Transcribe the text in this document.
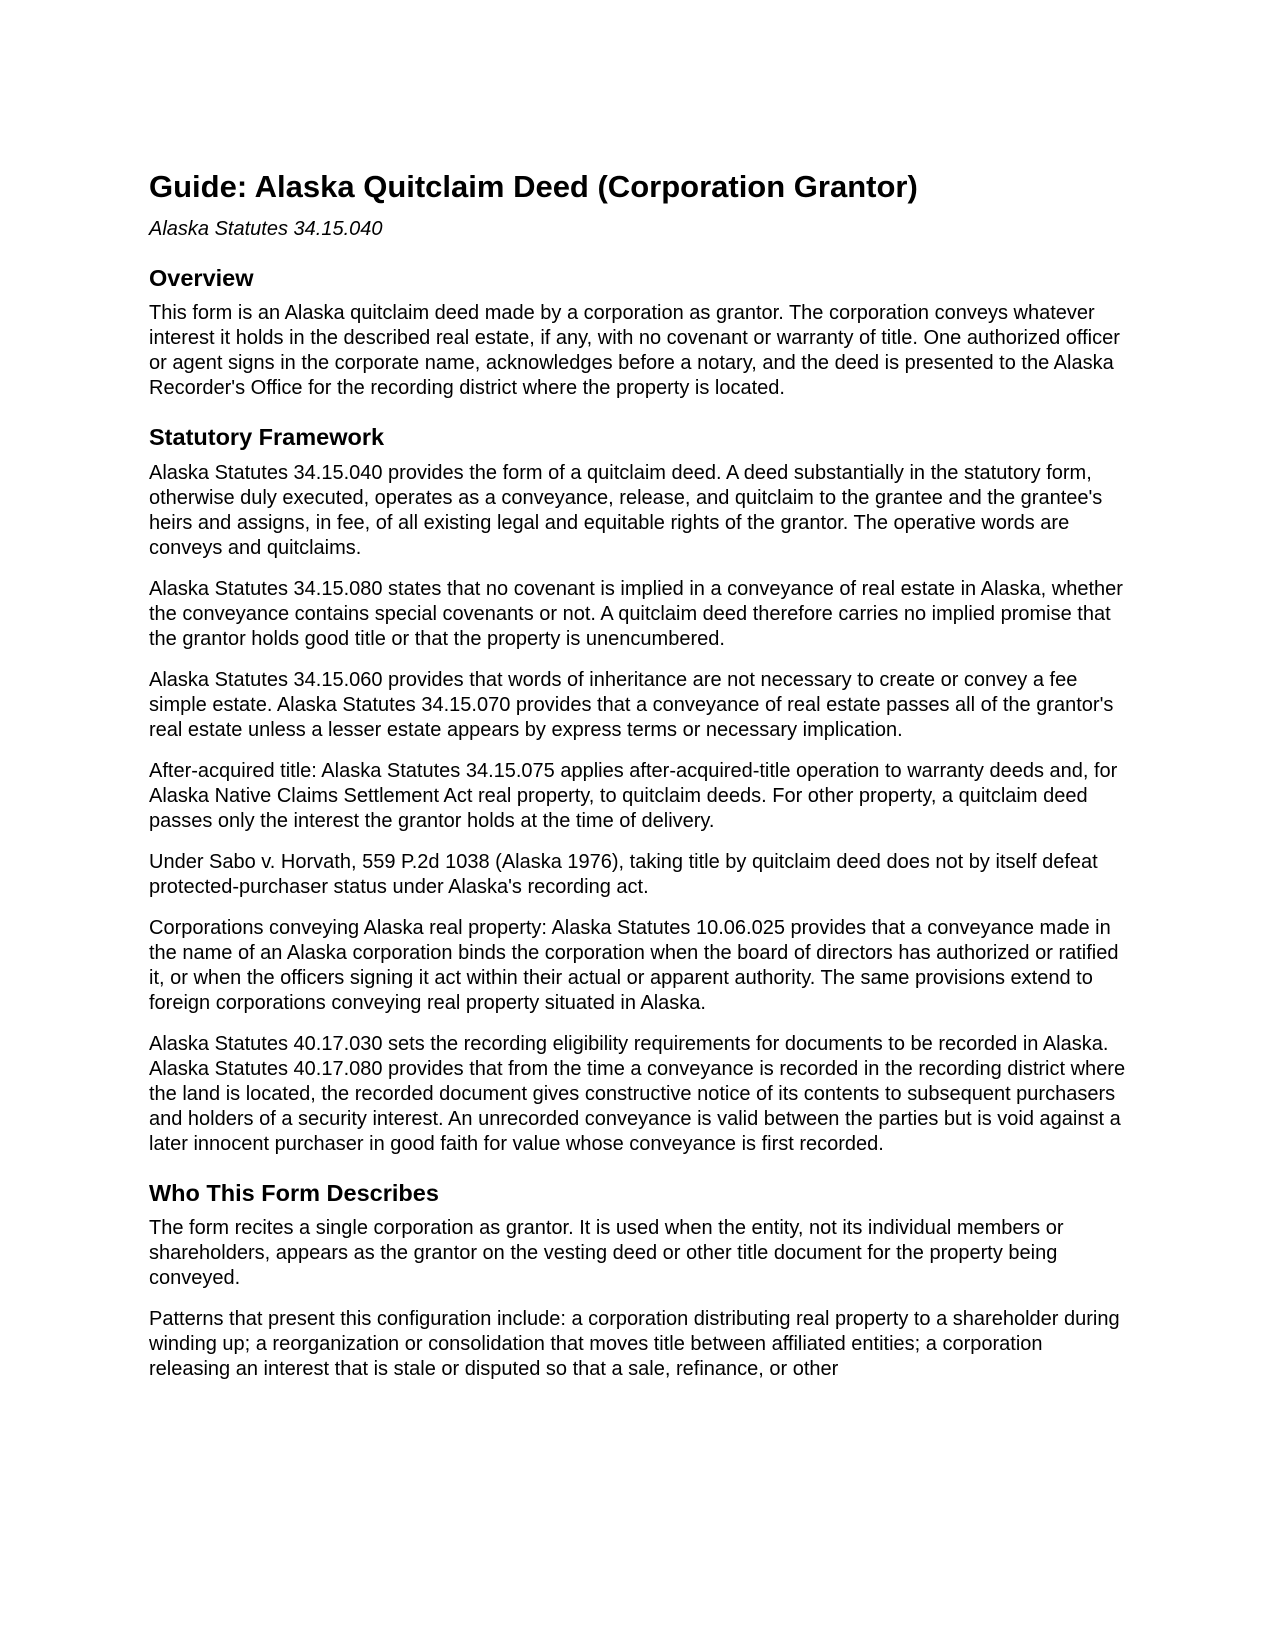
Guide: Alaska Quitclaim Deed (Corporation Grantor)
Alaska Statutes 34.15.040
Overview

This form is an Alaska quitclaim deed made by a corporation as grantor. The corporation conveys whatever interest it holds in the described real estate, if any, with no covenant or warranty of title. One authorized officer or agent signs in the corporate name, acknowledges before a notary, and the deed is presented to the Alaska Recorder's Office for the recording district where the property is located.

Statutory Framework

Alaska Statutes 34.15.040 provides the form of a quitclaim deed. A deed substantially in the statutory form, otherwise duly executed, operates as a conveyance, release, and quitclaim to the grantee and the grantee's heirs and assigns, in fee, of all existing legal and equitable rights of the grantor. The operative words are conveys and quitclaims.

Alaska Statutes 34.15.080 states that no covenant is implied in a conveyance of real estate in Alaska, whether the conveyance contains special covenants or not. A quitclaim deed therefore carries no implied promise that the grantor holds good title or that the property is unencumbered.

Alaska Statutes 34.15.060 provides that words of inheritance are not necessary to create or convey a fee simple estate. Alaska Statutes 34.15.070 provides that a conveyance of real estate passes all of the grantor's real estate unless a lesser estate appears by express terms or necessary implication.

After-acquired title: Alaska Statutes 34.15.075 applies after-acquired-title operation to warranty deeds and, for Alaska Native Claims Settlement Act real property, to quitclaim deeds. For other property, a quitclaim deed passes only the interest the grantor holds at the time of delivery.

Under Sabo v. Horvath, 559 P.2d 1038 (Alaska 1976), taking title by quitclaim deed does not by itself defeat protected-purchaser status under Alaska's recording act.

Corporations conveying Alaska real property: Alaska Statutes 10.06.025 provides that a conveyance made in the name of an Alaska corporation binds the corporation when the board of directors has authorized or ratified it, or when the officers signing it act within their actual or apparent authority. The same provisions extend to foreign corporations conveying real property situated in Alaska.

Alaska Statutes 40.17.030 sets the recording eligibility requirements for documents to be recorded in Alaska. Alaska Statutes 40.17.080 provides that from the time a conveyance is recorded in the recording district where the land is located, the recorded document gives constructive notice of its contents to subsequent purchasers and holders of a security interest. An unrecorded conveyance is valid between the parties but is void against a later innocent purchaser in good faith for value whose conveyance is first recorded.

Who This Form Describes

The form recites a single corporation as grantor. It is used when the entity, not its individual members or shareholders, appears as the grantor on the vesting deed or other title document for the property being conveyed.

Patterns that present this configuration include: a corporation distributing real property to a shareholder during winding up; a reorganization or consolidation that moves title between affiliated entities; a corporation releasing an interest that is stale or disputed so that a sale, refinance, or other
